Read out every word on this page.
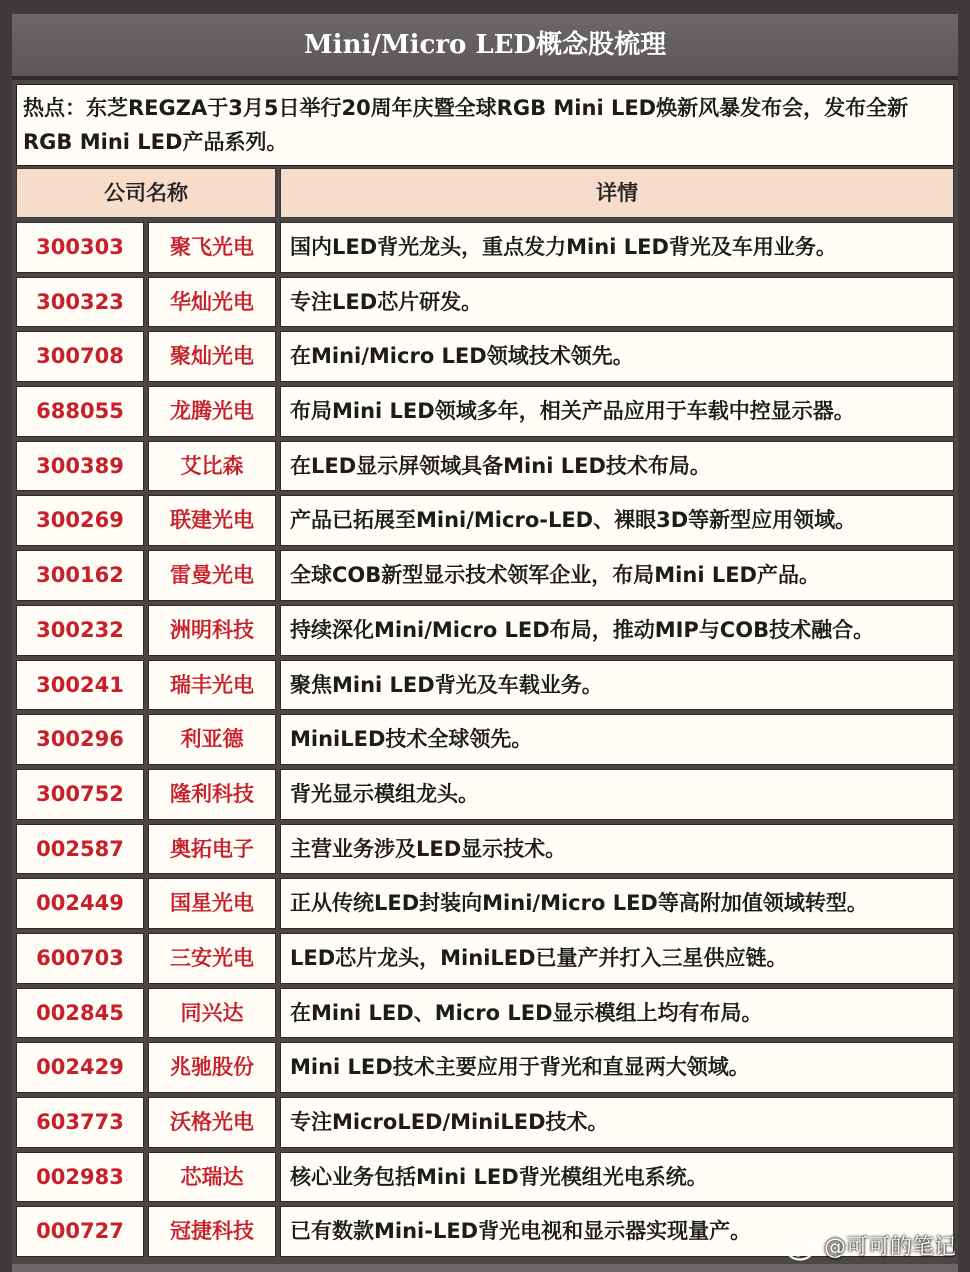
Mini/Micro LED概念股梳理
热点：东芝REGZA于3月5日举行20周年庆暨全球RGB Mini LED焕新风暴发布会，发布全新RGB Mini LED产品系列。
公司名称	详情
300303	聚飞光电	国内LED背光龙头，重点发力Mini LED背光及车用业务。
300323	华灿光电	专注LED芯片研发。
300708	聚灿光电	在Mini/Micro LED领域技术领先。
688055	龙腾光电	布局Mini LED领域多年，相关产品应用于车载中控显示器。
300389	艾比森	在LED显示屏领域具备Mini LED技术布局。
300269	联建光电	产品已拓展至Mini/Micro-LED、裸眼3D等新型应用领域。
300162	雷曼光电	全球COB新型显示技术领军企业，布局Mini LED产品。
300232	洲明科技	持续深化Mini/Micro LED布局，推动MIP与COB技术融合。
300241	瑞丰光电	聚焦Mini LED背光及车载业务。
300296	利亚德	MiniLED技术全球领先。
300752	隆利科技	背光显示模组龙头。
002587	奥拓电子	主营业务涉及LED显示技术。
002449	国星光电	正从传统LED封装向Mini/Micro LED等高附加值领域转型。
600703	三安光电	LED芯片龙头，MiniLED已量产并打入三星供应链。
002845	同兴达	在Mini LED、Micro LED显示模组上均有布局。
002429	兆驰股份	Mini LED技术主要应用于背光和直显两大领域。
603773	沃格光电	专注MicroLED/MiniLED技术。
002983	芯瑞达	核心业务包括Mini LED背光模组光电系统。
000727	冠捷科技	已有数款Mini-LED背光电视和显示器实现量产。
@可可的笔记
